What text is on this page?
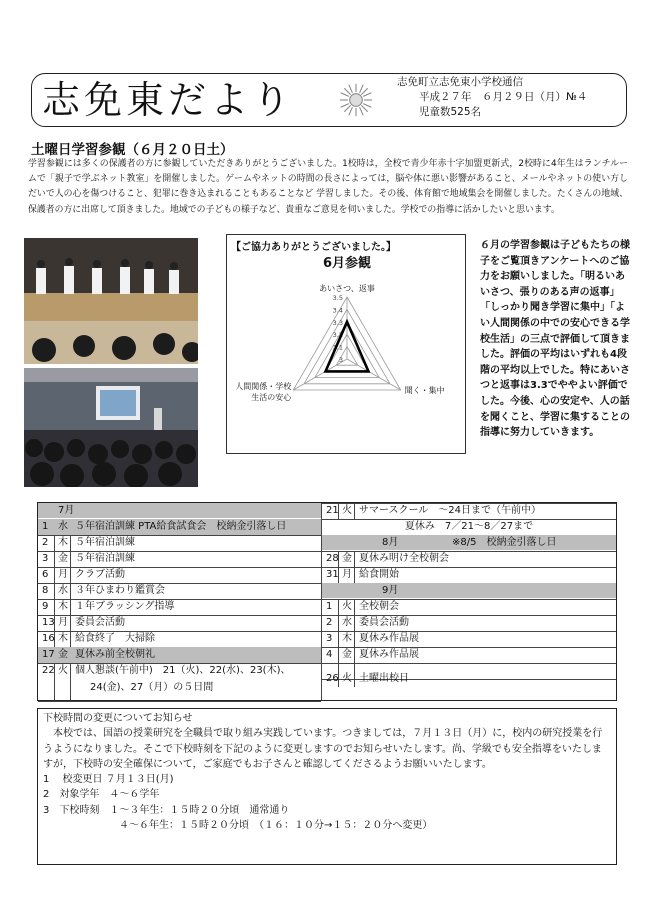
志免東だより	志免町立志免東小学校通信
平成２７年　６月２９日（月）№４
児童数525名
土曜日学習参観（６月２０日土）
学習参観には多くの保護者の方に参観していただきありがとうございました。1校時は，全校で青少年赤十字加盟更新式，2校時に4年生はランチルームで「親子で学ぶネット教室」を開催しました。ゲームやネットの時間の長さによっては，脳や体に悪い影響があること、メールやネットの使い方しだいで人の心を傷つけること、犯罪に巻き込まれることもあることなど 学習しました。その後、体育館で地域集会を開催しました。たくさんの地域、保護者の方に出席して頂きました。地域での子どもの様子など、貴重なご意見を伺いました。学校での指導に活かしたいと思います。
【ご協力ありがとうございました。】
6月参観
3.5
3.4
3.3
3.2
3.1
3
あいさつ、返事
聞く・集中
人間関係・学校
生活の安心
６月の学習参観は子どもたちの様子をご覧頂きアンケートへのご協力をお願いしました。「明るいあいさつ、張りのある声の返事」「しっかり聞き学習に集中」「よい人間関係の中での安心できる学校生活」の三点で評価して頂きました。評価の平均はいずれも4段階の平均以上でした。特にあいさつと返事は3.3でややよい評価でした。今後、心の安定や、人の話を聞くこと、学習に集することの指導に努力していきます。
　　7月
1 水 ５年宿泊訓練 PTA給食試食会　校納金引落し日
2 木 ５年宿泊訓練
3 金 ５年宿泊訓練
6 月 クラブ活動
8 水 ３年ひまわり鑑賞会
9 木 １年ブラッシング指導
13 月 委員会活動
16 木 給食終了　大掃除
17 金 夏休み前全校朝礼
22 火 個人懇談(午前中)　21（火)、22(水)、23(木)、
24(金)、27（月）の５日間
21 火 サマースクール　～24日まで（午前中）
夏休み　7／21～8／27まで
8月	※8/5　校納金引落し日
28 金 夏休み明け全校朝会
31 月 給食開始
9月
1 火 全校朝会
2 水 委員会活動
3 木 夏休み作品展
4 金 夏休み作品展
26 火 土曜出校日
下校時間の変更についてお知らせ
本校では、国語の授業研究を全職員で取り組み実践しています。つきましては，７月１３日（月）に，校内の研究授業を行うようになりました。そこで下校時刻を下記のように変更しますのでお知らせいたします。尚、学級でも安全指導をいたしますが，下校時の安全確保について，ご家庭でもお子さんと確認してくださるようお願いいたします。
1　 校変更日 ７月１３日(月)
2　対象学年　４～６学年
3　下校時刻　１～３年生：１５時２０分頃　通常通り
４～６年生：１５時２０分頃　（１６：１０分→１５：２０分へ変更）
